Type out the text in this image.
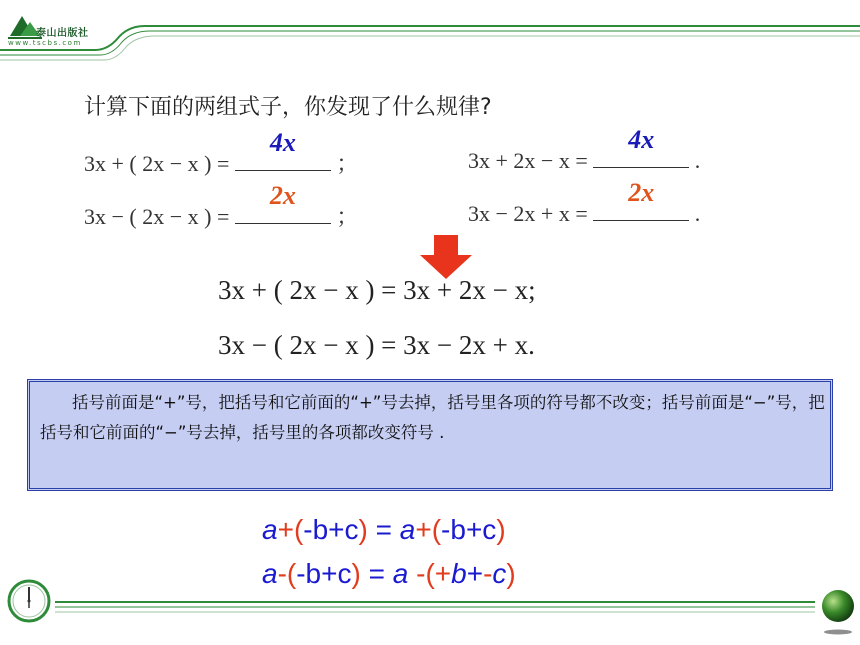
泰山出版社
www.tscbs.com
计算下面的两组式子，你发现了什么规律?
3x + ( 2x − x ) =
4x
；	3x + 2x − x =
4x
.
3x − ( 2x − x ) =
2x
；	3x − 2x + x =
2x
.
3x + ( 2x − x ) = 3x + 2x − x;
3x − ( 2x − x ) = 3x − 2x + x.
括号前面是“+”号，把括号和它前面的“+”号去掉，括号里各项的符号都不改变；括号前面是“−”号，把括号和它前面的“−”号去掉，括号里的各项都改变符号 .
a+(-b+c) = a+(-b+c)
a-(-b+c) = a -(+b+-c)
